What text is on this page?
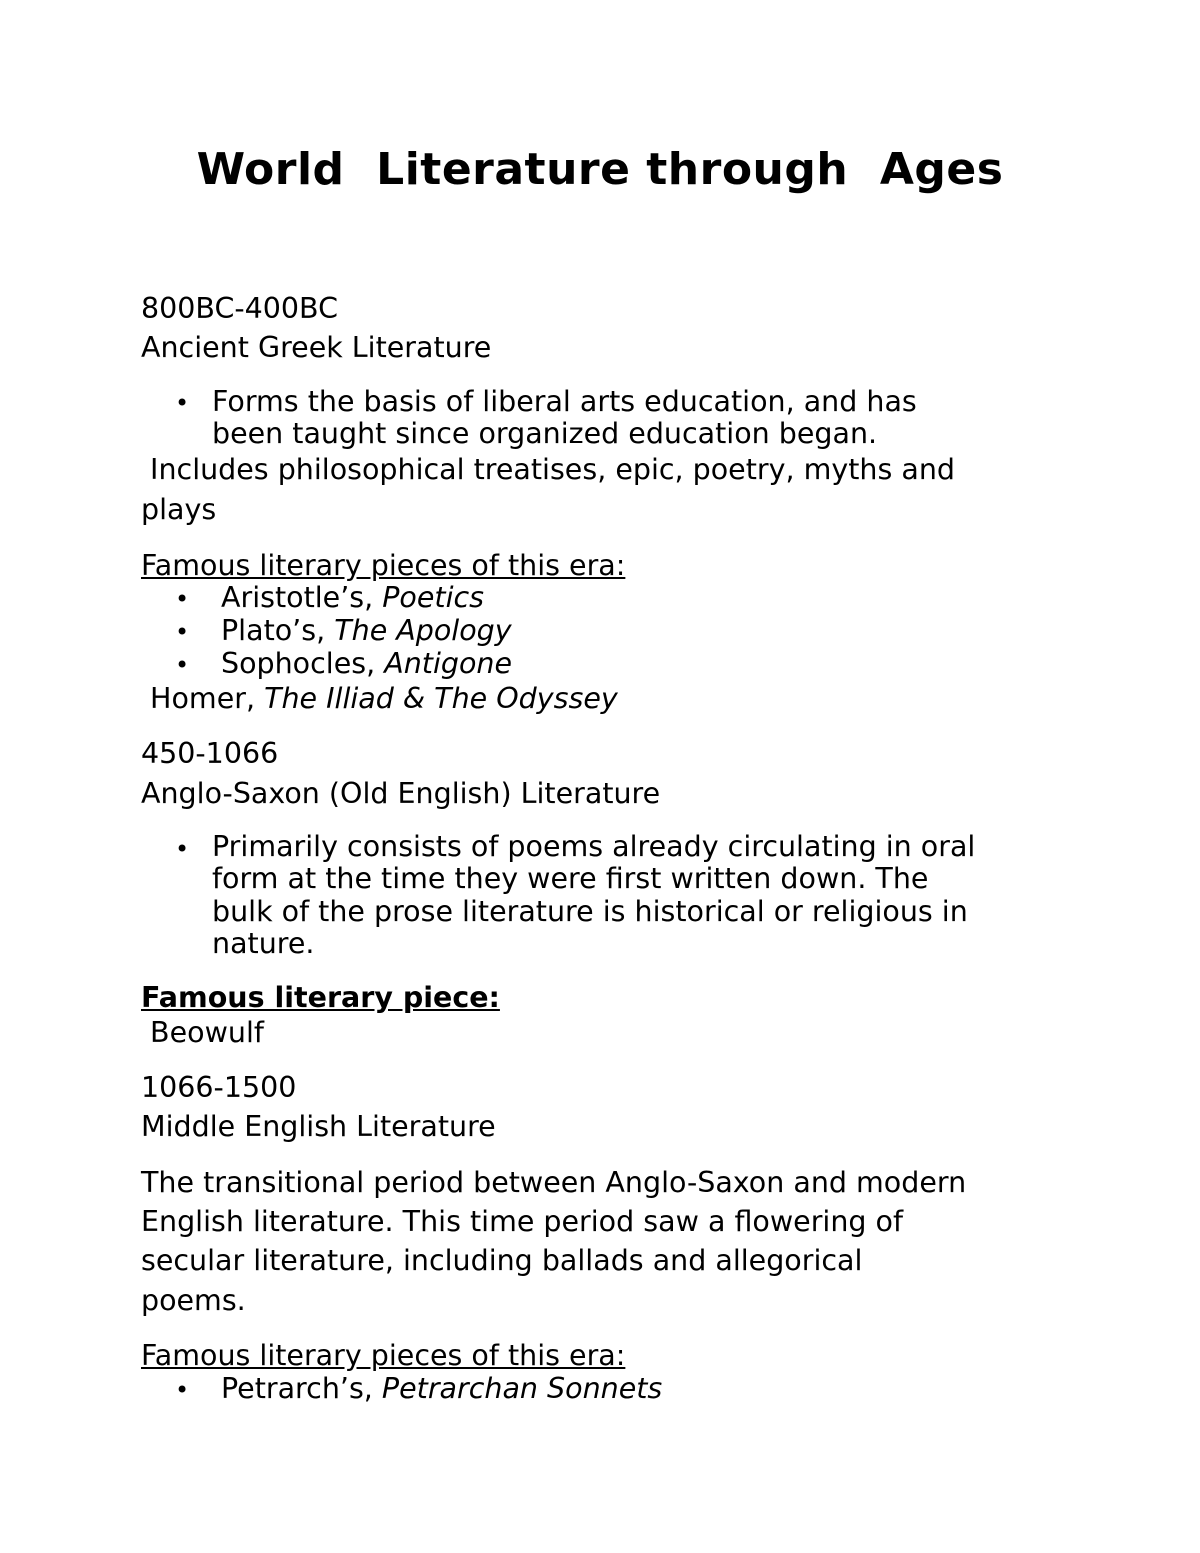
World  Literature through  Ages
800BC-400BC
Ancient Greek Literature
• Forms the basis of liberal arts education, and has
been taught since organized education began.
Includes philosophical treatises, epic, poetry, myths and
plays
Famous literary pieces of this era:
• Aristotle’s, Poetics
• Plato’s, The Apology
• Sophocles, Antigone
Homer, The Illiad & The Odyssey
450-1066
Anglo-Saxon (Old English) Literature
• Primarily consists of poems already circulating in oral
form at the time they were first written down. The
bulk of the prose literature is historical or religious in
nature.
Famous literary piece:
Beowulf
1066-1500
Middle English Literature
The transitional period between Anglo-Saxon and modern
English literature. This time period saw a flowering of
secular literature, including ballads and allegorical
poems.
Famous literary pieces of this era:
• Petrarch’s, Petrarchan Sonnets
